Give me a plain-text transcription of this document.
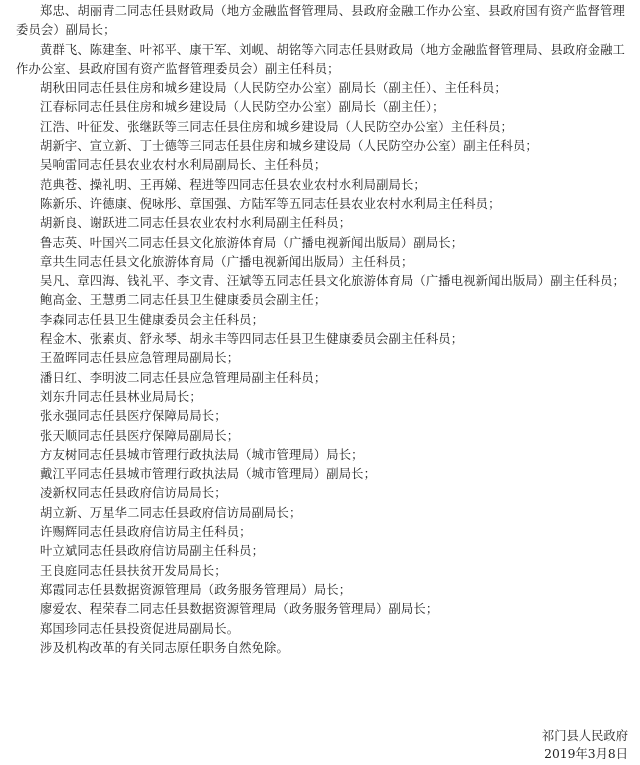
郑忠、胡丽青二同志任县财政局（地方金融监督管理局、县政府金融工作办公室、县政府国有资产监督管理委员会）副局长；

黄群飞、陈建奎、叶祁平、康干军、刘岘、胡铭等六同志任县财政局（地方金融监督管理局、县政府金融工作办公室、县政府国有资产监督管理委员会）副主任科员；

胡秋田同志任县住房和城乡建设局（人民防空办公室）副局长（副主任）、主任科员；

江春标同志任县住房和城乡建设局（人民防空办公室）副局长（副主任）；

江浩、叶征发、张继跃等三同志任县住房和城乡建设局（人民防空办公室）主任科员；

胡新宇、宣立新、丁士德等三同志任县住房和城乡建设局（人民防空办公室）副主任科员；

吴响雷同志任县农业农村水利局副局长、主任科员；

范典苍、操礼明、王再娣、程进等四同志任县农业农村水利局副局长；

陈新乐、许德康、倪咏彤、章国强、方陆军等五同志任县农业农村水利局主任科员；

胡新良、谢跃进二同志任县农业农村水利局副主任科员；

鲁志英、叶国兴二同志任县文化旅游体育局（广播电视新闻出版局）副局长；

章共生同志任县文化旅游体育局（广播电视新闻出版局）主任科员；

吴凡、章四海、钱礼平、李文青、汪斌等五同志任县文化旅游体育局（广播电视新闻出版局）副主任科员；

鲍高金、王慧勇二同志任县卫生健康委员会副主任；

李森同志任县卫生健康委员会主任科员；

程金木、张素贞、舒永琴、胡永丰等四同志任县卫生健康委员会副主任科员；

王盈晖同志任县应急管理局副局长；

潘日红、李明波二同志任县应急管理局副主任科员；

刘东升同志任县林业局局长；

张永强同志任县医疗保障局局长；

张天顺同志任县医疗保障局副局长；

方友树同志任县城市管理行政执法局（城市管理局）局长；

戴江平同志任县城市管理行政执法局（城市管理局）副局长；

凌新权同志任县政府信访局局长；

胡立新、万星华二同志任县政府信访局副局长；

许赐辉同志任县政府信访局主任科员；

叶立斌同志任县政府信访局副主任科员；

王良庭同志任县扶贫开发局局长；

郑霞同志任县数据资源管理局（政务服务管理局）局长；

廖爱农、程荣春二同志任县数据资源管理局（政务服务管理局）副局长；

郑国珍同志任县投资促进局副局长。

涉及机构改革的有关同志原任职务自然免除。

祁门县人民政府
2019年3月8日
